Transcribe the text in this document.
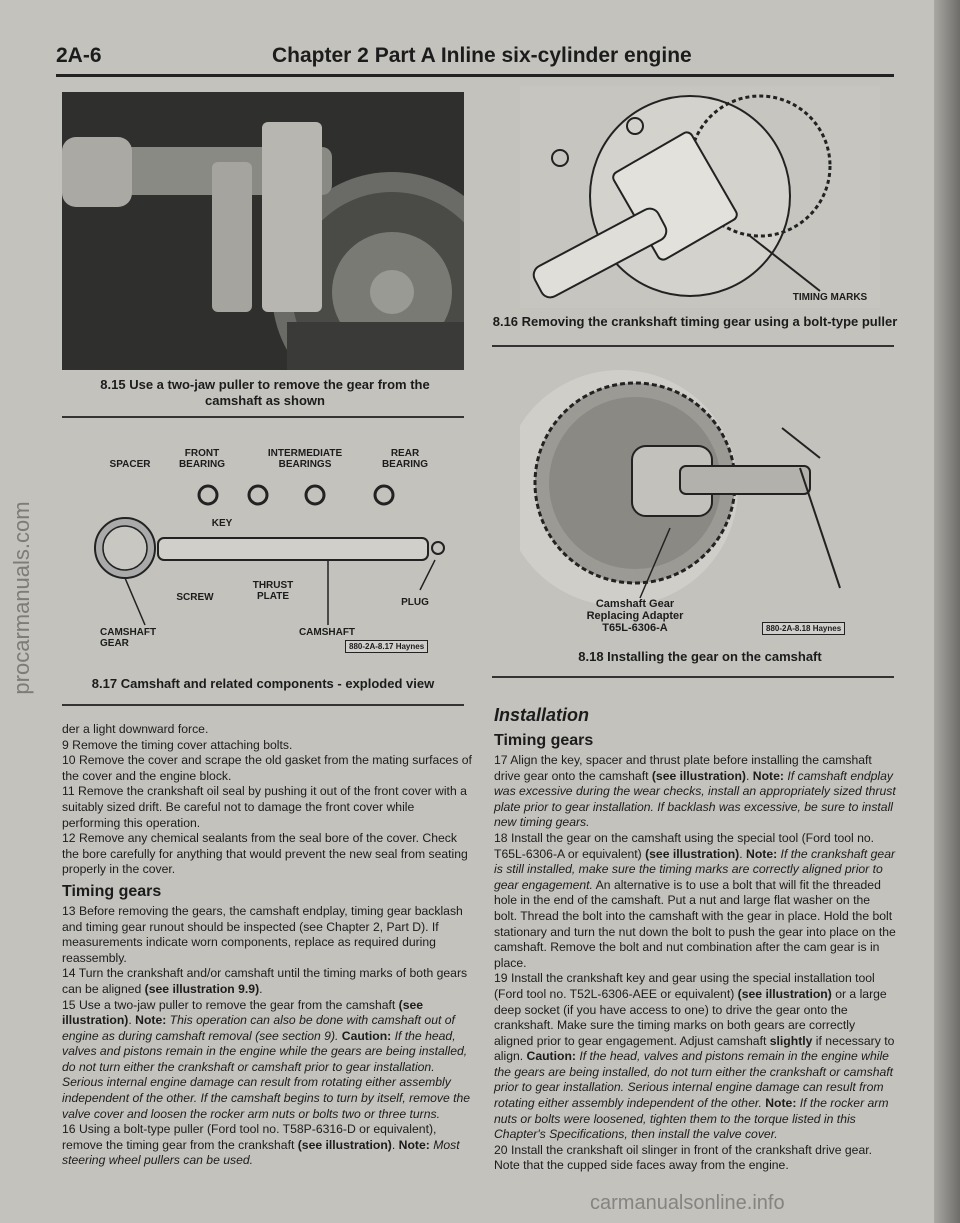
2A-6	Chapter 2 Part A Inline six-cylinder engine
procarmanuals.com
8.15 Use a two-jaw puller to remove the gear from the camshaft as shown
TIMING MARKS
8.16 Removing the crankshaft timing gear using a bolt-type puller
SPACER
FRONT BEARING
INTERMEDIATE BEARINGS
REAR BEARING
KEY
SCREW
THRUST PLATE
PLUG
CAMSHAFT GEAR
CAMSHAFT
880-2A-8.17 Haynes
8.17 Camshaft and related components - exploded view
Camshaft Gear Replacing Adapter T65L-6306-A	880-2A-8.18 Haynes
8.18 Installing the gear on the camshaft

der a light downward force.

9 Remove the timing cover attaching bolts.

10 Remove the cover and scrape the old gasket from the mating surfaces of the cover and the engine block.

11 Remove the crankshaft oil seal by pushing it out of the front cover with a suitably sized drift. Be careful not to damage the front cover while performing this operation.

12 Remove any chemical sealants from the seal bore of the cover. Check the bore carefully for anything that would prevent the new seal from seating properly in the cover.

Timing gears

13 Before removing the gears, the camshaft endplay, timing gear backlash and timing gear runout should be inspected (see Chapter 2, Part D). If measurements indicate worn components, replace as required during reassembly.

14 Turn the crankshaft and/or camshaft until the timing marks of both gears can be aligned (see illustration 9.9).

15 Use a two-jaw puller to remove the gear from the camshaft (see illustration). Note: This operation can also be done with camshaft out of engine as during camshaft removal (see section 9). Caution: If the head, valves and pistons remain in the engine while the gears are being installed, do not turn either the crankshaft or camshaft prior to gear installation. Serious internal engine damage can result from rotating either assembly independent of the other. If the camshaft begins to turn by itself, remove the valve cover and loosen the rocker arm nuts or bolts two or three turns.

16 Using a bolt-type puller (Ford tool no. T58P-6316-D or equivalent), remove the timing gear from the crankshaft (see illustration). Note: Most steering wheel pullers can be used.

Installation
Timing gears

17 Align the key, spacer and thrust plate before installing the camshaft drive gear onto the camshaft (see illustration). Note: If camshaft endplay was excessive during the wear checks, install an appropriately sized thrust plate prior to gear installation. If backlash was excessive, be sure to install new timing gears.

18 Install the gear on the camshaft using the special tool (Ford tool no. T65L-6306-A or equivalent) (see illustration). Note: If the crankshaft gear is still installed, make sure the timing marks are correctly aligned prior to gear engagement. An alternative is to use a bolt that will fit the threaded hole in the end of the camshaft. Put a nut and large flat washer on the bolt. Thread the bolt into the camshaft with the gear in place. Hold the bolt stationary and turn the nut down the bolt to push the gear into place on the camshaft. Remove the bolt and nut combination after the cam gear is in place.

19 Install the crankshaft key and gear using the special installation tool (Ford tool no. T52L-6306-AEE or equivalent) (see illustration) or a large deep socket (if you have access to one) to drive the gear onto the crankshaft. Make sure the timing marks on both gears are correctly aligned prior to gear engagement. Adjust camshaft slightly if necessary to align. Caution: If the head, valves and pistons remain in the engine while the gears are being installed, do not turn either the crankshaft or camshaft prior to gear installation. Serious internal engine damage can result from rotating either assembly independent of the other. Note: If the rocker arm nuts or bolts were loosened, tighten them to the torque listed in this Chapter's Specifications, then install the valve cover.

20 Install the crankshaft oil slinger in front of the crankshaft drive gear. Note that the cupped side faces away from the engine.

carmanualsonline.info
